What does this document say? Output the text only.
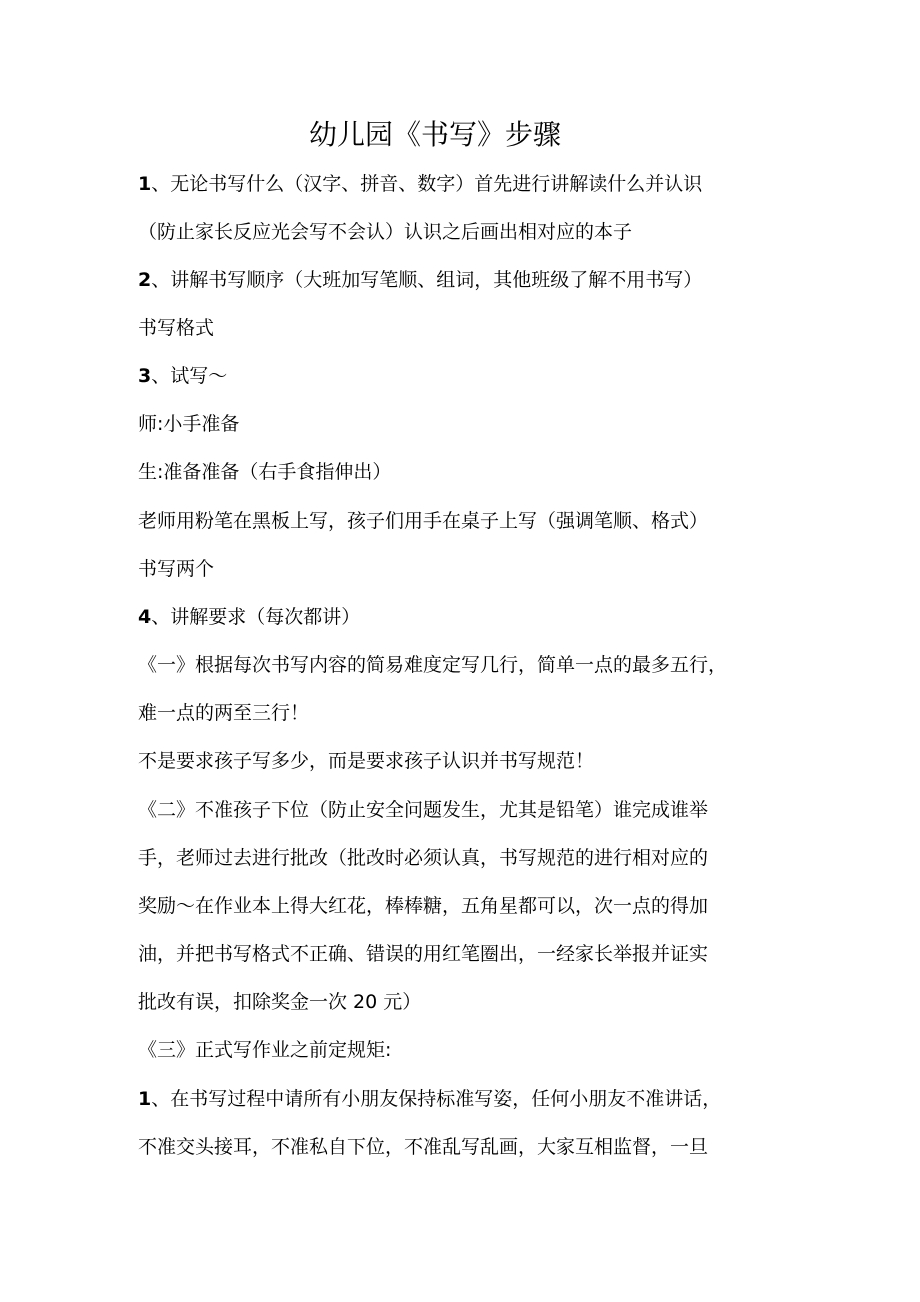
幼儿园《书写》步骤
1、无论书写什么（汉字、拼音、数字）首先进行讲解读什么并认识
（防止家长反应光会写不会认）认识之后画出相对应的本子
2、讲解书写顺序（大班加写笔顺、组词，其他班级了解不用书写）
书写格式
3、试写～
师:小手准备
生:准备准备（右手食指伸出）
老师用粉笔在黑板上写，孩子们用手在桌子上写（强调笔顺、格式）
书写两个
4、讲解要求（每次都讲）
《一》根据每次书写内容的简易难度定写几行，简单一点的最多五行，
难一点的两至三行！
不是要求孩子写多少，而是要求孩子认识并书写规范！
《二》不准孩子下位（防止安全问题发生，尤其是铅笔）谁完成谁举
手，老师过去进行批改（批改时必须认真，书写规范的进行相对应的
奖励～在作业本上得大红花，棒棒糖，五角星都可以，次一点的得加
油，并把书写格式不正确、错误的用红笔圈出，一经家长举报并证实
批改有误，扣除奖金一次 20 元）
《三》正式写作业之前定规矩:
1、在书写过程中请所有小朋友保持标准写姿，任何小朋友不准讲话，
不准交头接耳，不准私自下位，不准乱写乱画，大家互相监督，一旦
